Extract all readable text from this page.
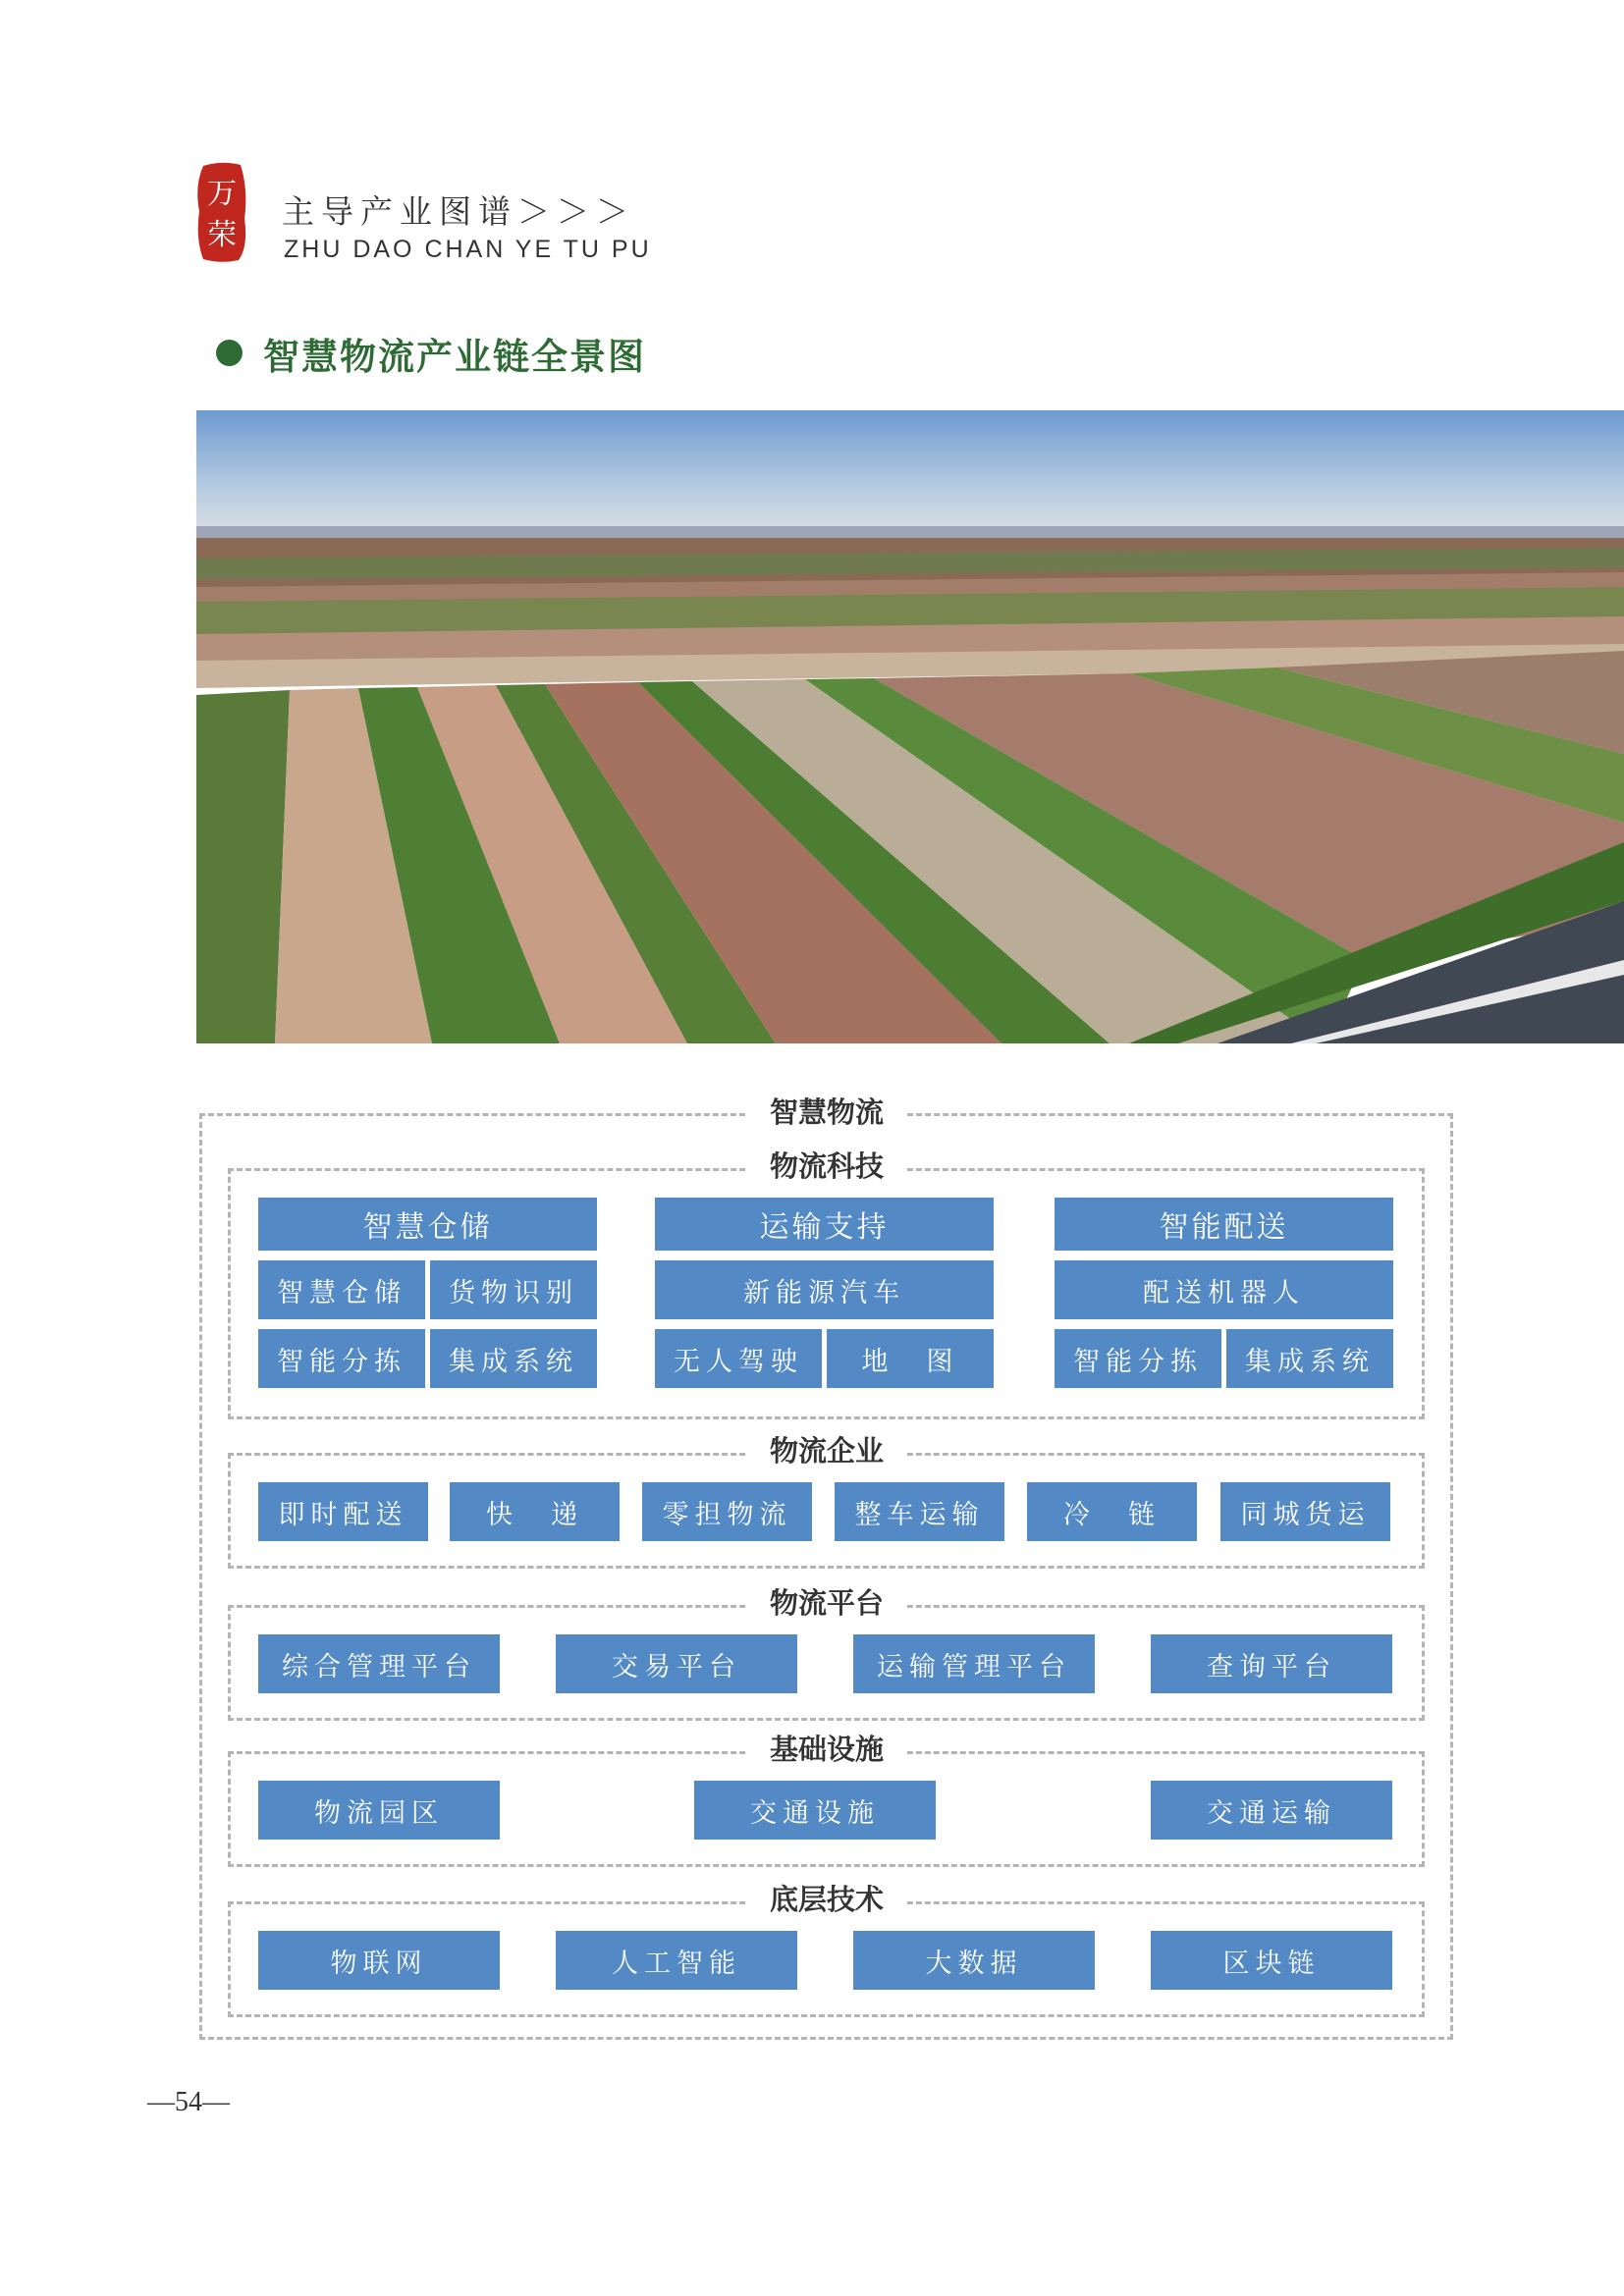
万
荣
主导产业图谱＞＞＞
ZHU DAO CHAN YE TU PU
智慧物流产业链全景图
智慧物流
物流科技
智慧仓储
智慧仓储	货物识别
智能分拣	集成系统
运输支持
新能源汽车
无人驾驶	地　图
智能配送
配送机器人
智能分拣	集成系统
物流企业
即时配送	快　递	零担物流	整车运输	冷　链	同城货运
物流平台
综合管理平台	交易平台	运输管理平台	查询平台
基础设施
物流园区	交通设施	交通运输
底层技术
物联网	人工智能	大数据	区块链
—54—
